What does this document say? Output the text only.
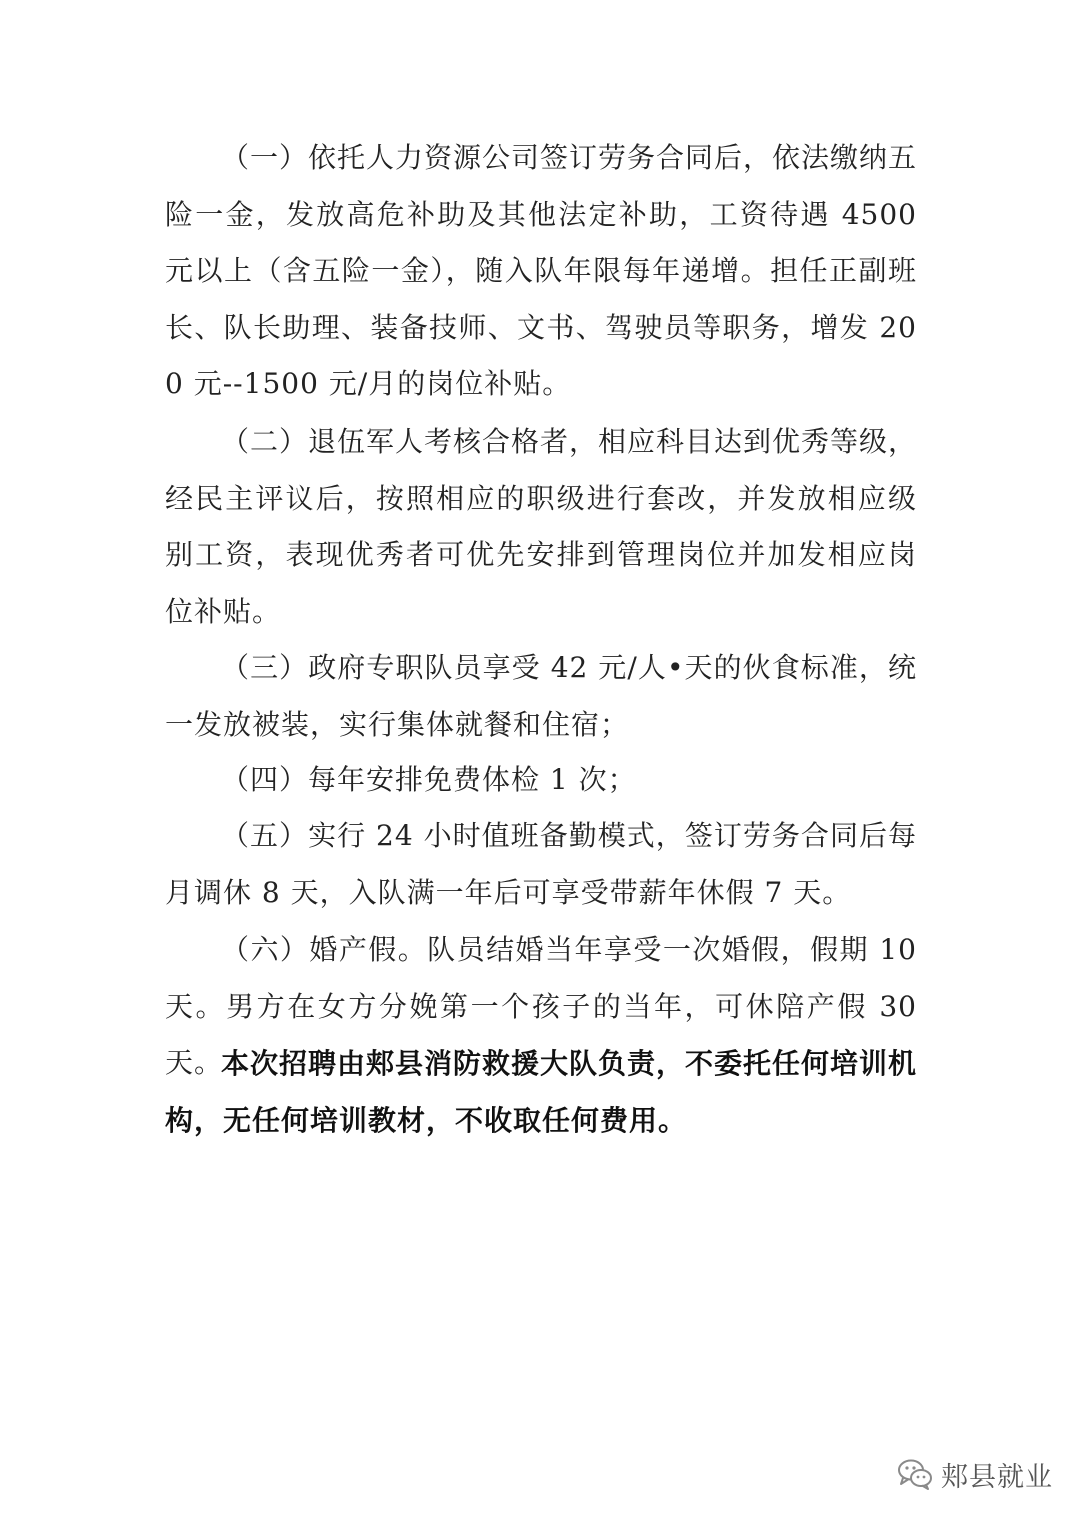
（一）依托人力资源公司签订劳务合同后，依法缴纳五险一金，发放高危补助及其他法定补助，工资待遇 4500 元以上（含五险一金），随入队年限每年递增。担任正副班长、队长助理、装备技师、文书、驾驶员等职务，增发 200 元--1500 元/月的岗位补贴。

（二）退伍军人考核合格者，相应科目达到优秀等级，经民主评议后，按照相应的职级进行套改，并发放相应级别工资，表现优秀者可优先安排到管理岗位并加发相应岗位补贴。

（三）政府专职队员享受 42 元/人•天的伙食标准，统一发放被装，实行集体就餐和住宿；

（四）每年安排免费体检 1 次；

（五）实行 24 小时值班备勤模式，签订劳务合同后每月调休 8 天，入队满一年后可享受带薪年休假 7 天。

（六）婚产假。队员结婚当年享受一次婚假，假期 10 天。男方在女方分娩第一个孩子的当年，可休陪产假 30 天。

本次招聘由郏县消防救援大队负责，不委托任何培训机构，无任何培训教材，不收取任何费用。

郏县就业
